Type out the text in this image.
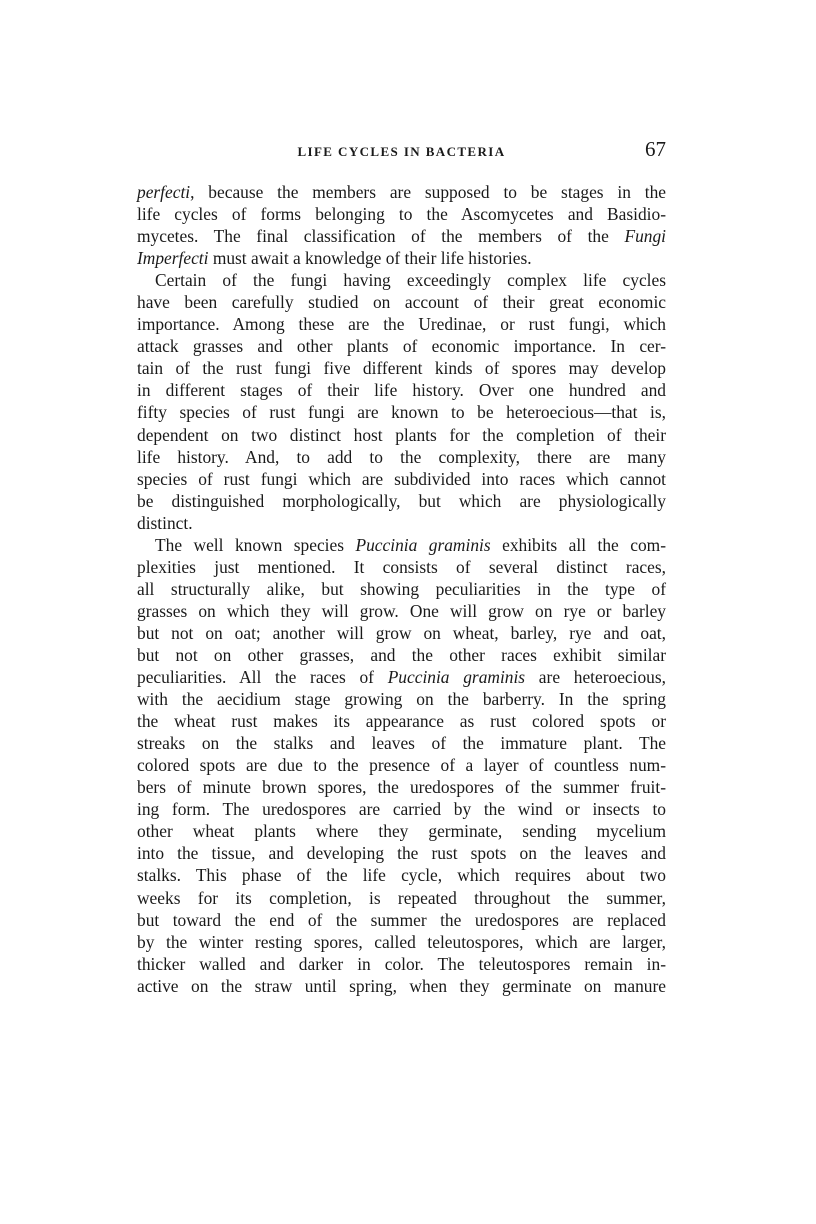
LIFE CYCLES IN BACTERIA	67
perfecti, because the members are supposed to be stages in the
life cycles of forms belonging to the Ascomycetes and Basidio-
mycetes. The final classification of the members of the Fungi
Imperfecti must await a knowledge of their life histories.
Certain of the fungi having exceedingly complex life cycles
have been carefully studied on account of their great economic
importance. Among these are the Uredinae, or rust fungi, which
attack grasses and other plants of economic importance. In cer-
tain of the rust fungi five different kinds of spores may develop
in different stages of their life history. Over one hundred and
fifty species of rust fungi are known to be heteroecious—that is,
dependent on two distinct host plants for the completion of their
life history. And, to add to the complexity, there are many
species of rust fungi which are subdivided into races which cannot
be distinguished morphologically, but which are physiologically
distinct.
The well known species Puccinia graminis exhibits all the com-
plexities just mentioned. It consists of several distinct races,
all structurally alike, but showing peculiarities in the type of
grasses on which they will grow. One will grow on rye or barley
but not on oat; another will grow on wheat, barley, rye and oat,
but not on other grasses, and the other races exhibit similar
peculiarities. All the races of Puccinia graminis are heteroecious,
with the aecidium stage growing on the barberry. In the spring
the wheat rust makes its appearance as rust colored spots or
streaks on the stalks and leaves of the immature plant. The
colored spots are due to the presence of a layer of countless num-
bers of minute brown spores, the uredospores of the summer fruit-
ing form. The uredospores are carried by the wind or insects to
other wheat plants where they germinate, sending mycelium
into the tissue, and developing the rust spots on the leaves and
stalks. This phase of the life cycle, which requires about two
weeks for its completion, is repeated throughout the summer,
but toward the end of the summer the uredospores are replaced
by the winter resting spores, called teleutospores, which are larger,
thicker walled and darker in color. The teleutospores remain in-
active on the straw until spring, when they germinate on manure
